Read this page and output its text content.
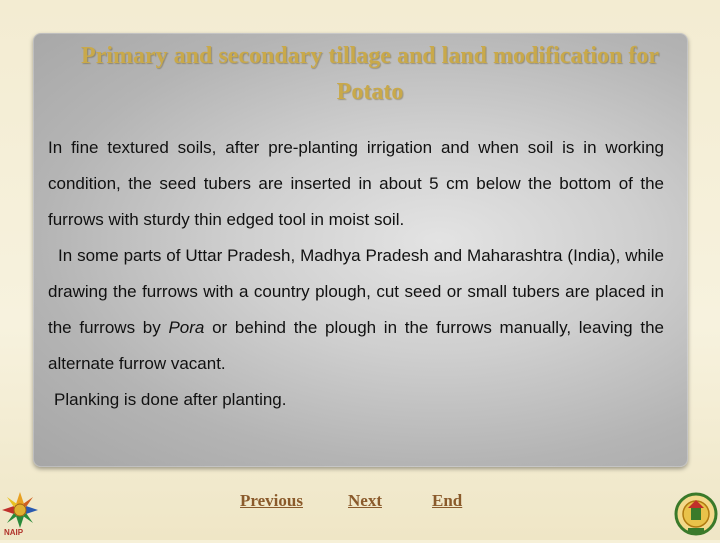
Primary and secondary tillage and land modification for Potato

In fine textured soils, after pre-planting irrigation and when soil is in working condition, the seed tubers are inserted in about 5 cm below the bottom of the furrows with sturdy thin edged tool in moist soil.

In some parts of Uttar Pradesh, Madhya Pradesh and Maharashtra (India), while drawing the furrows with a country plough, cut seed or small tubers are placed in the furrows by Pora or behind the plough in the furrows manually, leaving the alternate furrow vacant.

Planking is done after planting.

Previous	Next	End
NAIP
